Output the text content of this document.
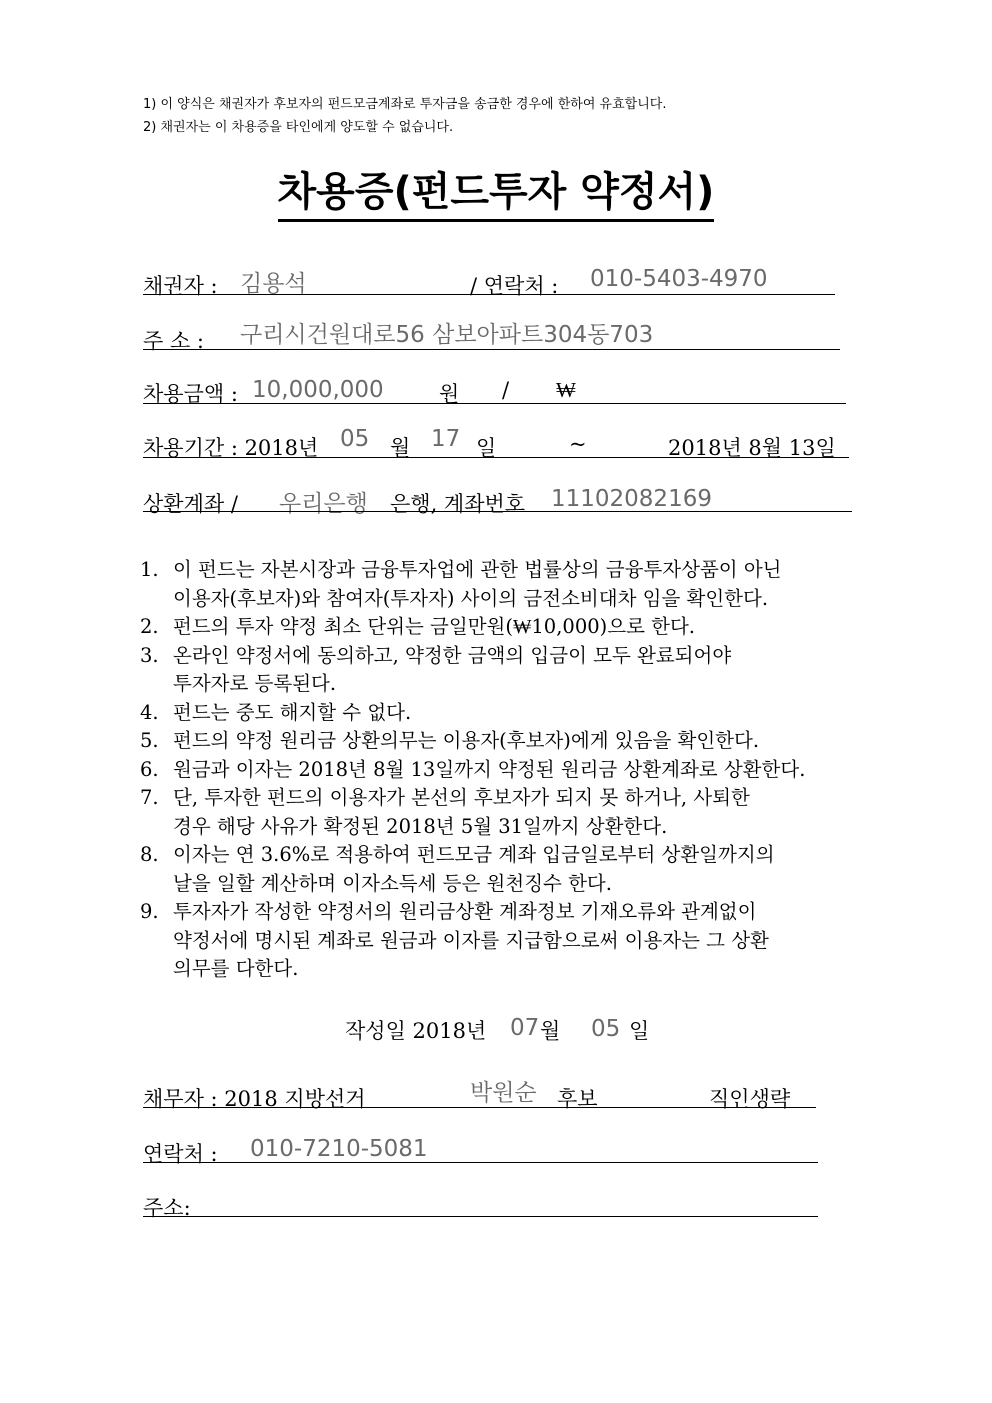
1) 이 양식은 채권자가 후보자의 펀드모금계좌로 투자금을 송금한 경우에 한하여 유효합니다.
2) 채권자는 이 차용증을 타인에게 양도할 수 없습니다.
차용증(펀드투자 약정서)
채권자 : 김용석	/ 연락처 : 010-5403-4970
주 소 : 구리시건원대로56 삼보아파트304동703
차용금액 : 10,000,000	원 / ₩
차용기간 : 2018년 05 월 17 일	~	2018년 8월 13일
상환계좌 / 우리은행 은행, 계좌번호 11102082169
1. 이 펀드는 자본시장과 금융투자업에 관한 법률상의 금융투자상품이 아닌
이용자(후보자)와 참여자(투자자) 사이의 금전소비대차 임을 확인한다.
2. 펀드의 투자 약정 최소 단위는 금일만원(₩10,000)으로 한다.
3. 온라인 약정서에 동의하고, 약정한 금액의 입금이 모두 완료되어야
투자자로 등록된다.
4. 펀드는 중도 해지할 수 없다.
5. 펀드의 약정 원리금 상환의무는 이용자(후보자)에게 있음을 확인한다.
6. 원금과 이자는 2018년 8월 13일까지 약정된 원리금 상환계좌로 상환한다.
7. 단, 투자한 펀드의 이용자가 본선의 후보자가 되지 못 하거나, 사퇴한
경우 해당 사유가 확정된 2018년 5월 31일까지 상환한다.
8. 이자는 연 3.6%로 적용하여 펀드모금 계좌 입금일로부터 상환일까지의
날을 일할 계산하며 이자소득세 등은 원천징수 한다.
9. 투자자가 작성한 약정서의 원리금상환 계좌정보 기재오류와 관계없이
약정서에 명시된 계좌로 원금과 이자를 지급함으로써 이용자는 그 상환
의무를 다한다.
작성일 2018년 07 월 05 일
채무자 : 2018 지방선거	박원순 후보	직인생략
연락처 : 010-7210-5081
주소:
